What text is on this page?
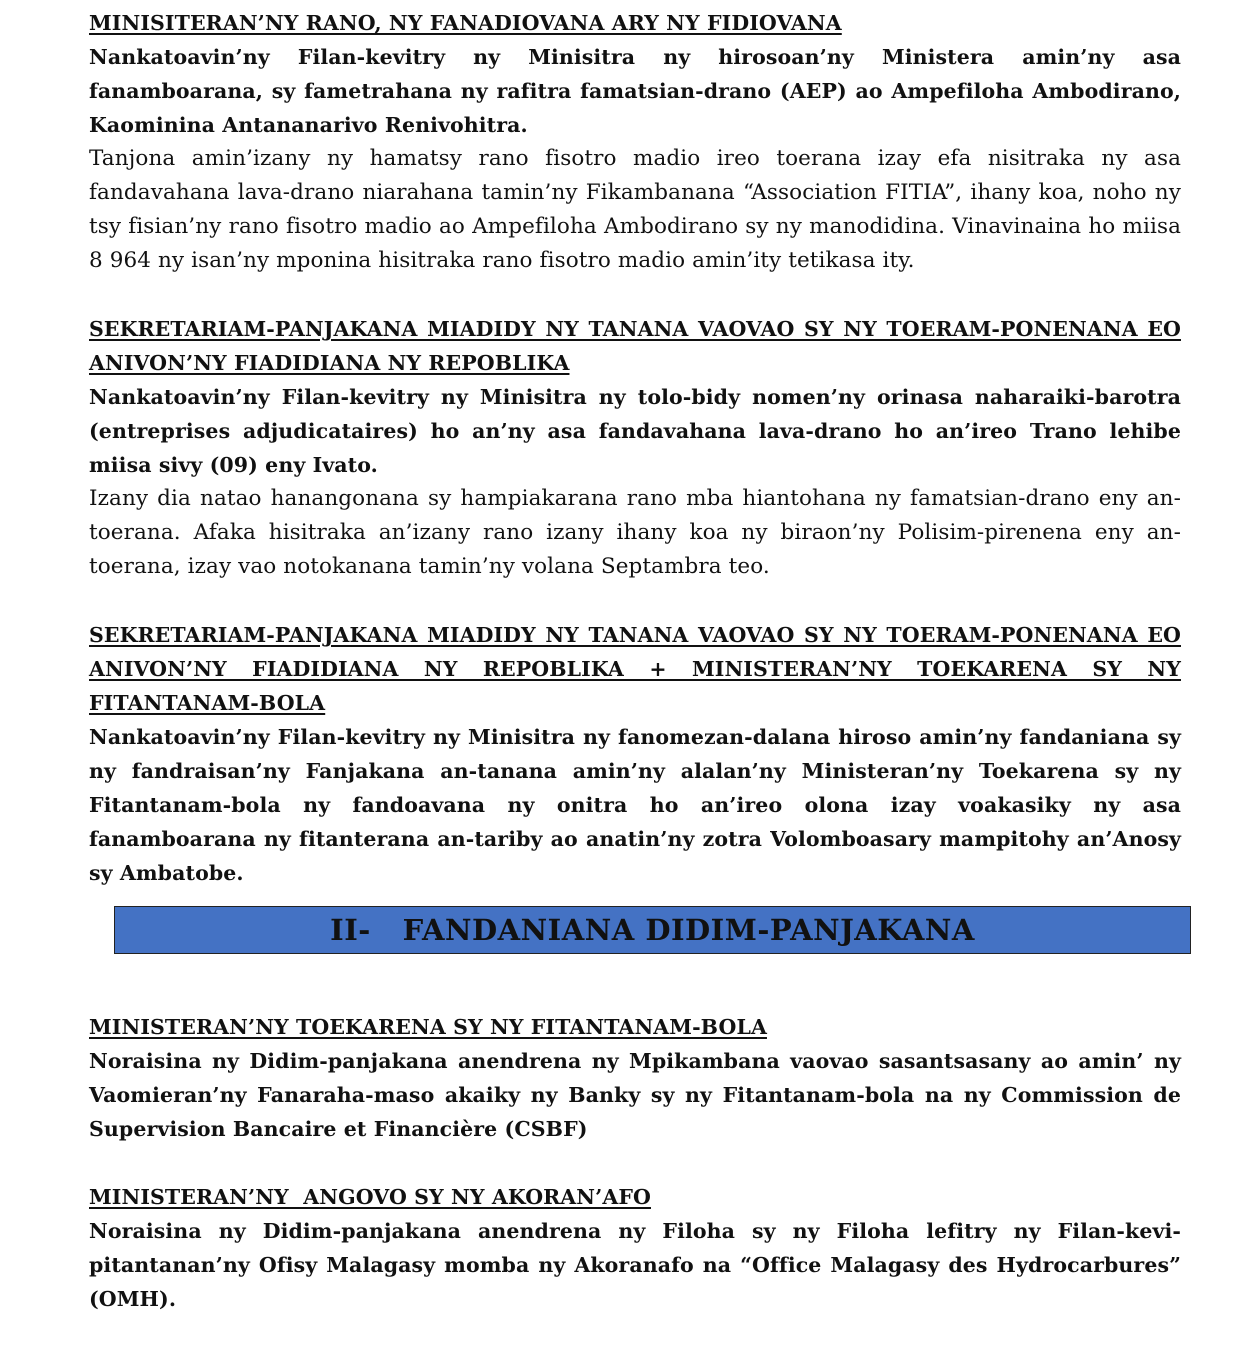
MINISITERAN’NY RANO, NY FANADIOVANA ARY NY FIDIOVANA

Nankatoavin’ny Filan-kevitry ny Minisitra ny hirosoan’ny Ministera amin’ny asa fanamboarana, sy fametrahana ny rafitra famatsian-drano (AEP) ao Ampefiloha Ambodirano, Kaominina Antananarivo Renivohitra.

Tanjona amin’izany ny hamatsy rano fisotro madio ireo toerana izay efa nisitraka ny asa fandavahana lava-drano niarahana tamin’ny Fikambanana “Association FITIA”, ihany koa, noho ny tsy fisian’ny rano fisotro madio ao Ampefiloha Ambodirano sy ny manodidina. Vinavinaina ho miisa 8 964 ny isan’ny mponina hisitraka rano fisotro madio amin’ity tetikasa ity.

SEKRETARIAM-PANJAKANA MIADIDY NY TANANA VAOVAO SY NY TOERAM-PONENANA EO ANIVON’NY FIADIDIANA NY REPOBLIKA

Nankatoavin’ny Filan-kevitry ny Minisitra ny tolo-bidy nomen’ny orinasa naharaiki-barotra (entreprises adjudicataires) ho an’ny asa fandavahana lava-drano ho an’ireo Trano lehibe miisa sivy (09) eny Ivato.

Izany dia natao hanangonana sy hampiakarana rano mba hiantohana ny famatsian-drano eny an-toerana. Afaka hisitraka an’izany rano izany ihany koa ny biraon’ny Polisim-pirenena eny an-toerana, izay vao notokanana tamin’ny volana Septambra teo.

SEKRETARIAM-PANJAKANA MIADIDY NY TANANA VAOVAO SY NY TOERAM-PONENANA EO ANIVON’NY FIADIDIANA NY REPOBLIKA + MINISTERAN’NY TOEKARENA SY NY FITANTANAM-BOLA

Nankatoavin’ny Filan-kevitry ny Minisitra ny fanomezan-dalana hiroso amin’ny fandaniana sy ny fandraisan’ny Fanjakana an-tanana amin’ny alalan’ny Ministeran’ny Toekarena sy ny Fitantanam-bola ny fandoavana ny onitra ho an’ireo olona izay voakasiky ny asa fanamboarana ny fitanterana an-tariby ao anatin’ny zotra Volomboasary mampitohy an’Anosy sy Ambatobe.

II-
FANDANIANA DIDIM-PANJAKANA

MINISTERAN’NY TOEKARENA SY NY FITANTANAM-BOLA

Noraisina ny Didim-panjakana anendrena ny Mpikambana vaovao sasantsasany ao amin’ ny Vaomieran’ny Fanaraha-maso akaiky ny Banky sy ny Fitantanam-bola na ny Commission de Supervision Bancaire et Financière (CSBF)

MINISTERAN’NY  ANGOVO SY NY AKORAN’AFO

Noraisina ny Didim-panjakana anendrena ny Filoha sy ny Filoha lefitry ny Filan-kevi-pitantanan’ny Ofisy Malagasy momba ny Akoranafo na “Office Malagasy des Hydrocarbures” (OMH).
